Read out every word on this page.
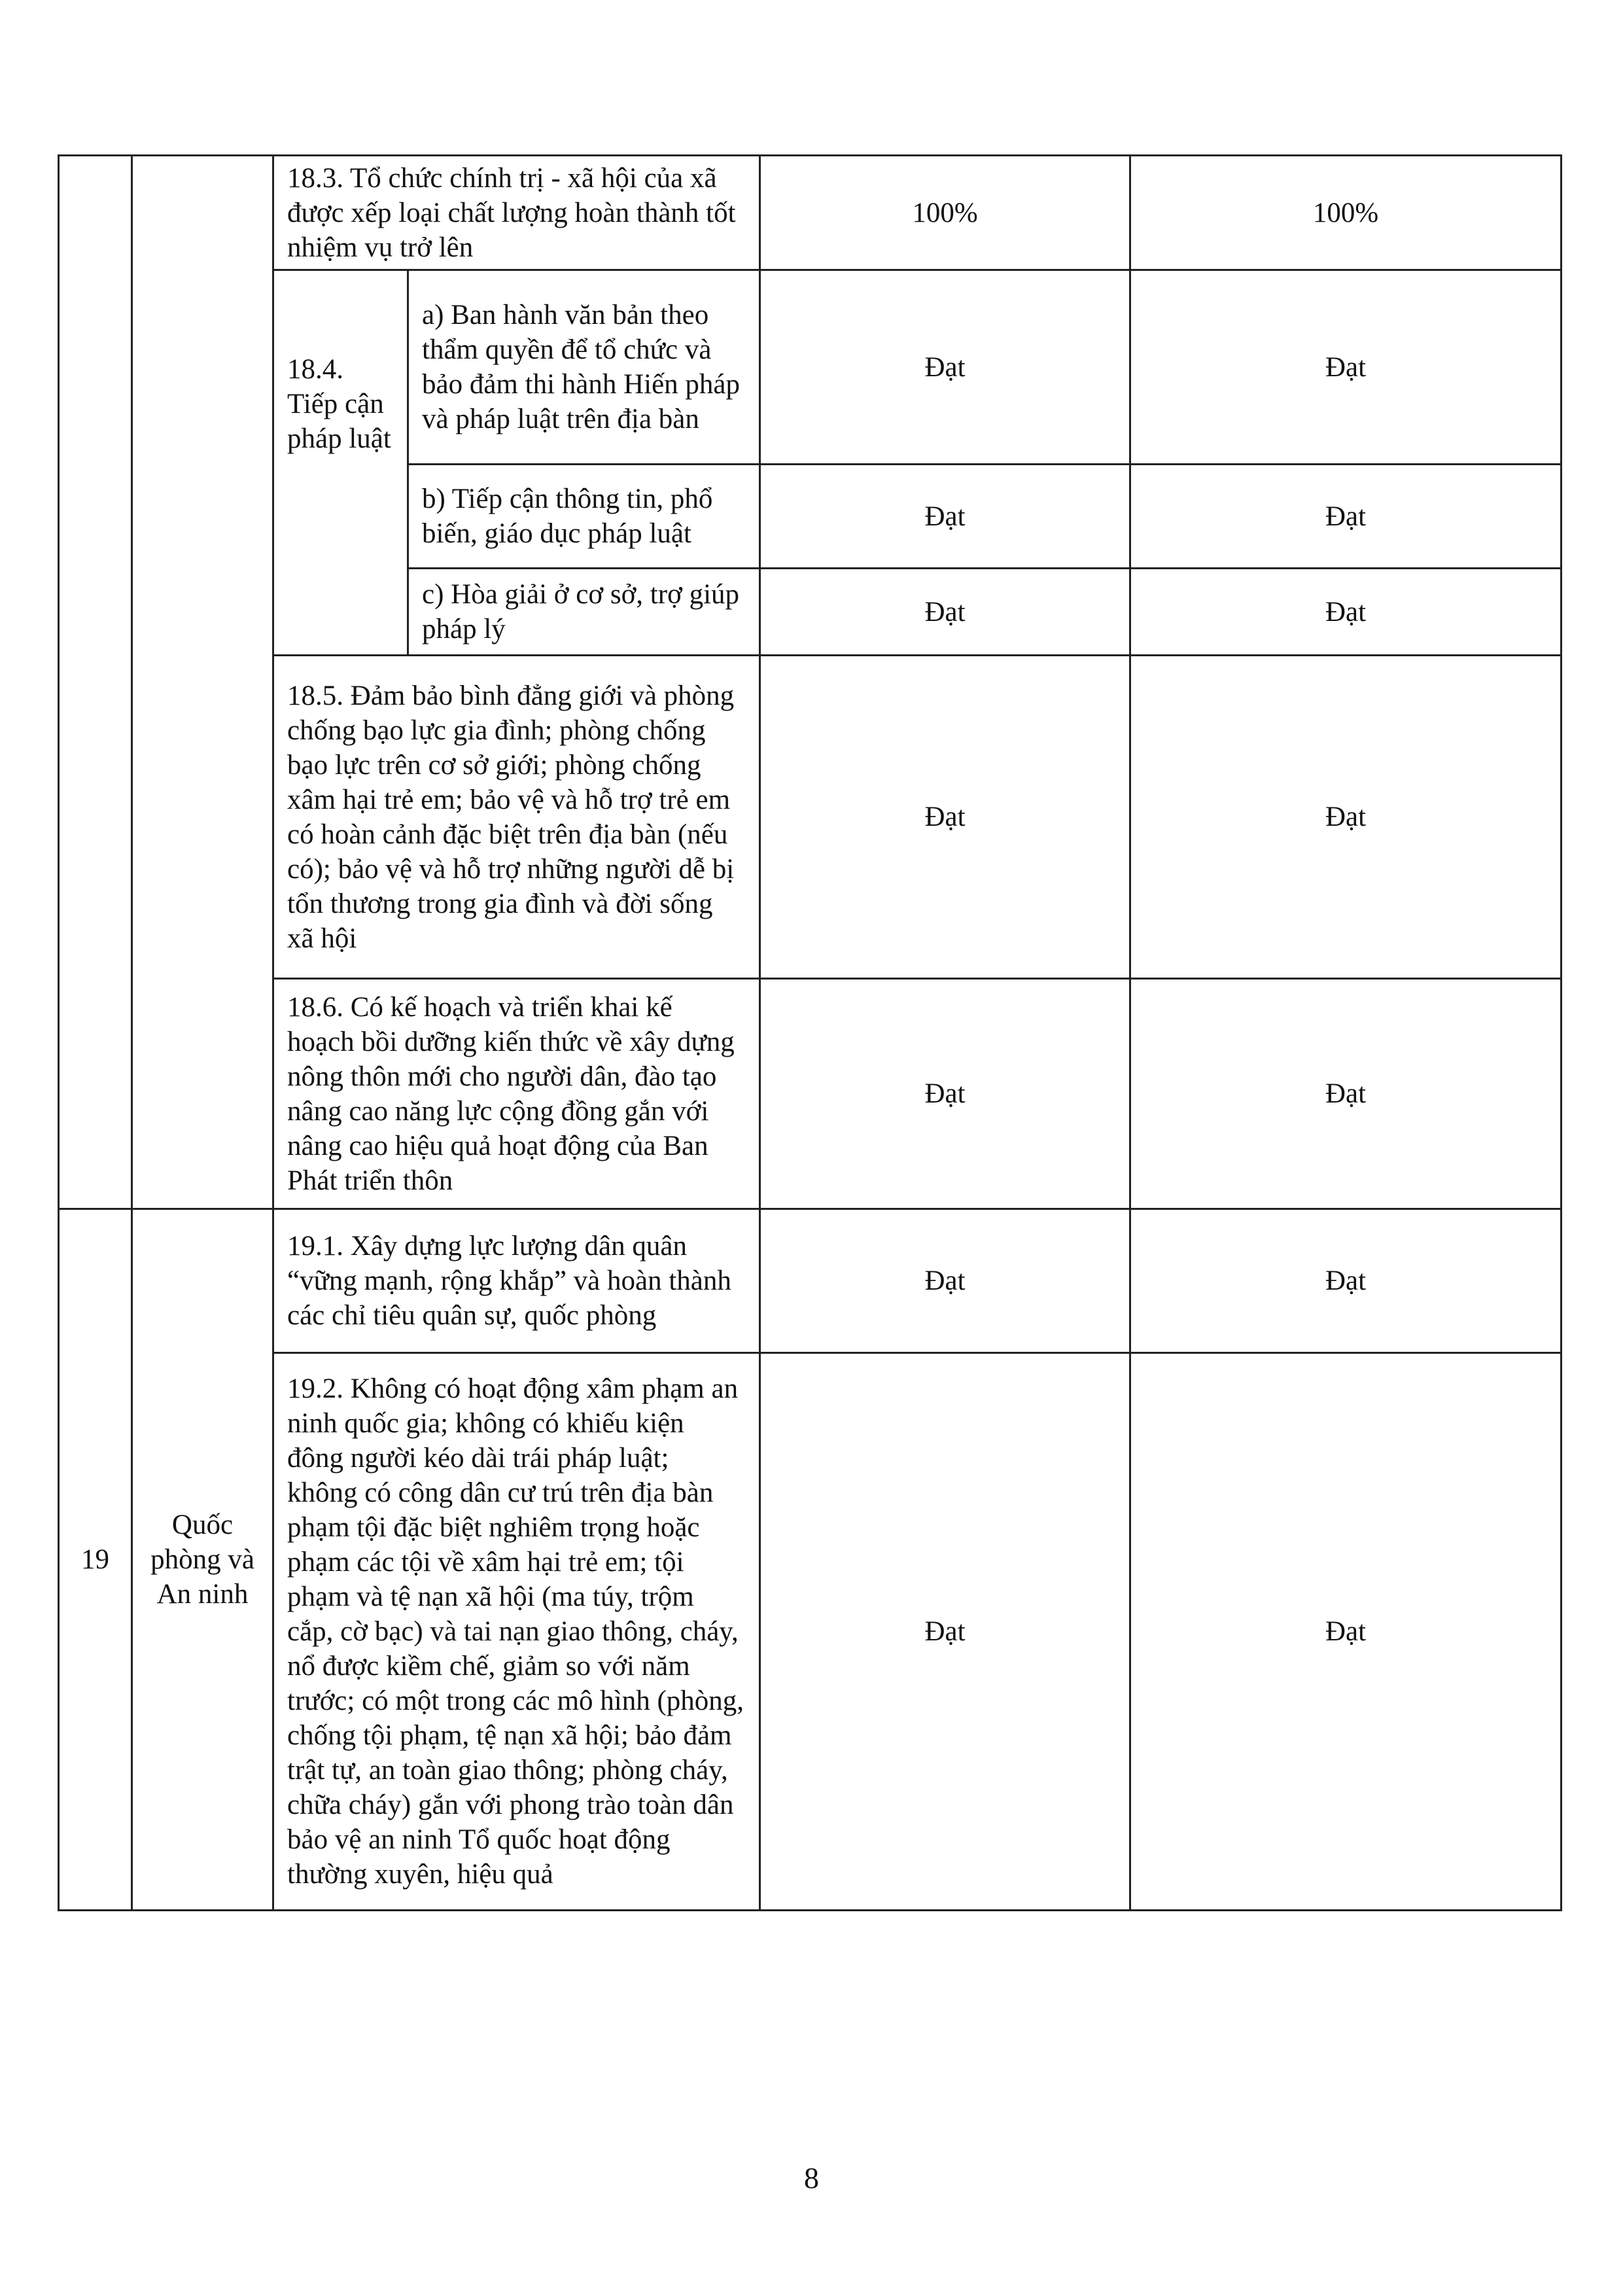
		18.3. Tổ chức chính trị - xã hội của xã được xếp loại chất lượng hoàn thành tốt nhiệm vụ trở lên		100%	100%
		18.4. Tiếp cận pháp luật	a) Ban hành văn bản theo thẩm quyền để tổ chức và bảo đảm thi hành Hiến pháp và pháp luật trên địa bàn	Đạt	Đạt
			b) Tiếp cận thông tin, phổ biến, giáo dục pháp luật	Đạt	Đạt
			c) Hòa giải ở cơ sở, trợ giúp pháp lý	Đạt	Đạt
		18.5. Đảm bảo bình đẳng giới và phòng chống bạo lực gia đình; phòng chống bạo lực trên cơ sở giới; phòng chống xâm hại trẻ em; bảo vệ và hỗ trợ trẻ em có hoàn cảnh đặc biệt trên địa bàn (nếu có); bảo vệ và hỗ trợ những người dễ bị tổn thương trong gia đình và đời sống xã hội		Đạt	Đạt
		18.6. Có kế hoạch và triển khai kế hoạch bồi dưỡng kiến thức về xây dựng nông thôn mới cho người dân, đào tạo nâng cao năng lực cộng đồng gắn với nâng cao hiệu quả hoạt động của Ban Phát triển thôn		Đạt	Đạt
19	Quốc phòng và An ninh	19.1. Xây dựng lực lượng dân quân “vững mạnh, rộng khắp” và hoàn thành các chỉ tiêu quân sự, quốc phòng		Đạt	Đạt
		19.2. Không có hoạt động xâm phạm an ninh quốc gia; không có khiếu kiện đông người kéo dài trái pháp luật; không có công dân cư trú trên địa bàn phạm tội đặc biệt nghiêm trọng hoặc phạm các tội về xâm hại trẻ em; tội phạm và tệ nạn xã hội (ma túy, trộm cắp, cờ bạc) và tai nạn giao thông, cháy, nổ được kiềm chế, giảm so với năm trước; có một trong các mô hình (phòng, chống tội phạm, tệ nạn xã hội; bảo đảm trật tự, an toàn giao thông; phòng cháy, chữa cháy) gắn với phong trào toàn dân bảo vệ an ninh Tổ quốc hoạt động thường xuyên, hiệu quả		Đạt	Đạt
8
